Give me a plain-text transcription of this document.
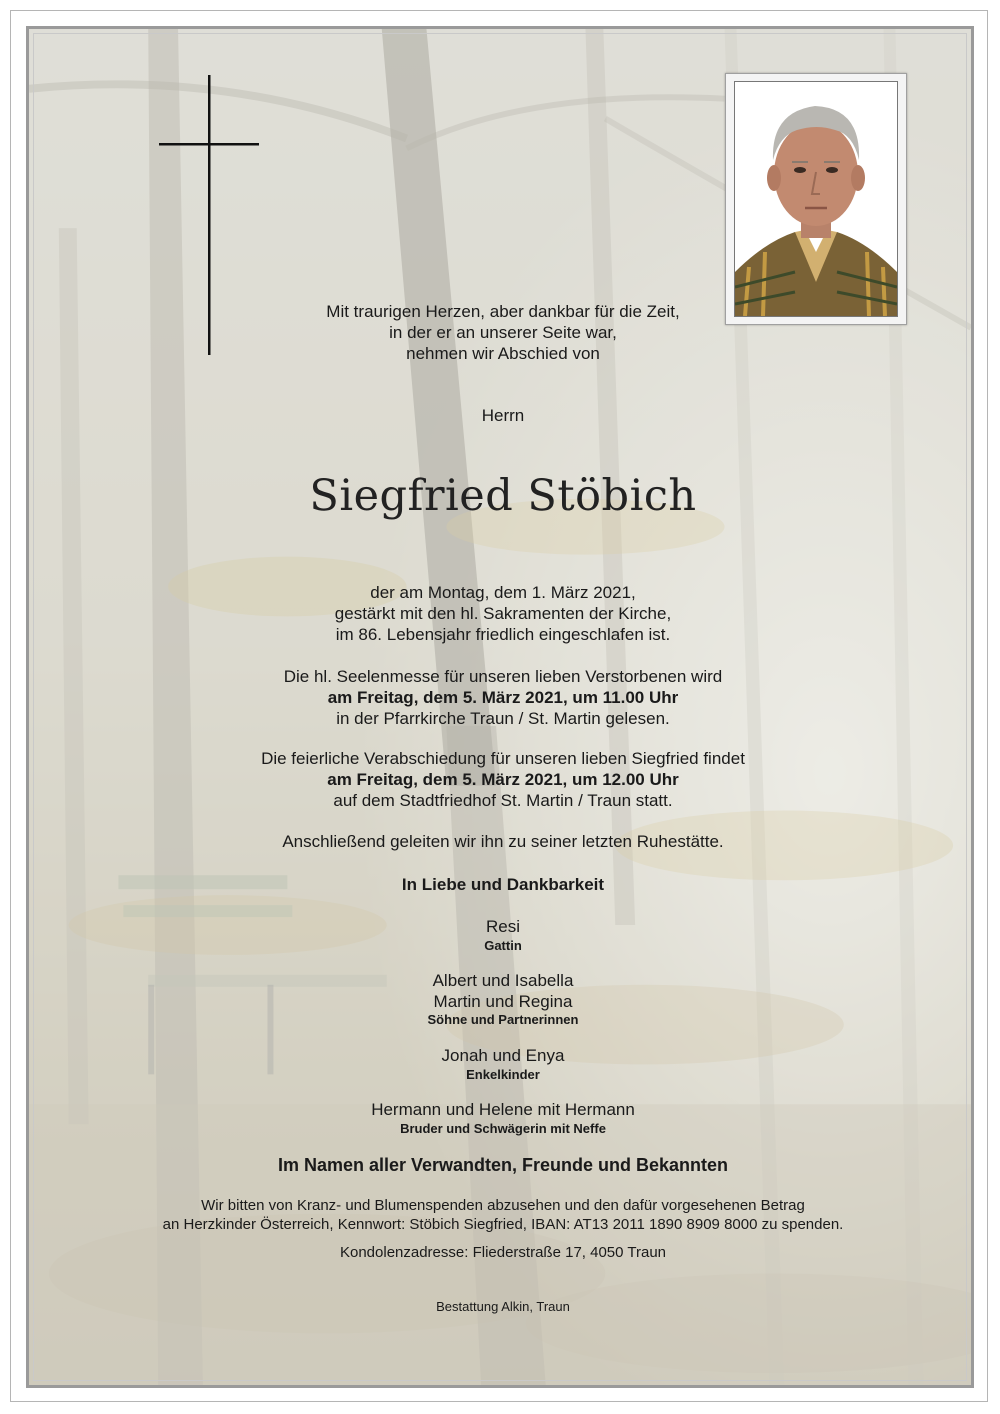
Mit traurigen Herzen, aber dankbar für die Zeit,
in der er an unserer Seite war,
nehmen wir Abschied von
Herrn
Siegfried Stöbich
der am Montag, dem 1. März 2021,
gestärkt mit den hl. Sakramenten der Kirche,
im 86. Lebensjahr friedlich eingeschlafen ist.
Die hl. Seelenmesse für unseren lieben Verstorbenen wird
am Freitag, dem 5. März 2021, um 11.00 Uhr
in der Pfarrkirche Traun / St. Martin gelesen.
Die feierliche Verabschiedung für unseren lieben Siegfried findet
am Freitag, dem 5. März 2021, um 12.00 Uhr
auf dem Stadtfriedhof St. Martin / Traun statt.
Anschließend geleiten wir ihn zu seiner letzten Ruhestätte.
In Liebe und Dankbarkeit
Resi
Gattin
Albert und Isabella
Martin und Regina
Söhne und Partnerinnen
Jonah und Enya
Enkelkinder
Hermann und Helene mit Hermann
Bruder und Schwägerin mit Neffe
Im Namen aller Verwandten, Freunde und Bekannten
Wir bitten von Kranz- und Blumenspenden abzusehen und den dafür vorgesehenen Betrag
an Herzkinder Österreich, Kennwort: Stöbich Siegfried, IBAN: AT13 2011 1890 8909 8000 zu spenden.
Kondolenzadresse: Fliederstraße 17, 4050 Traun
Bestattung Alkin, Traun
